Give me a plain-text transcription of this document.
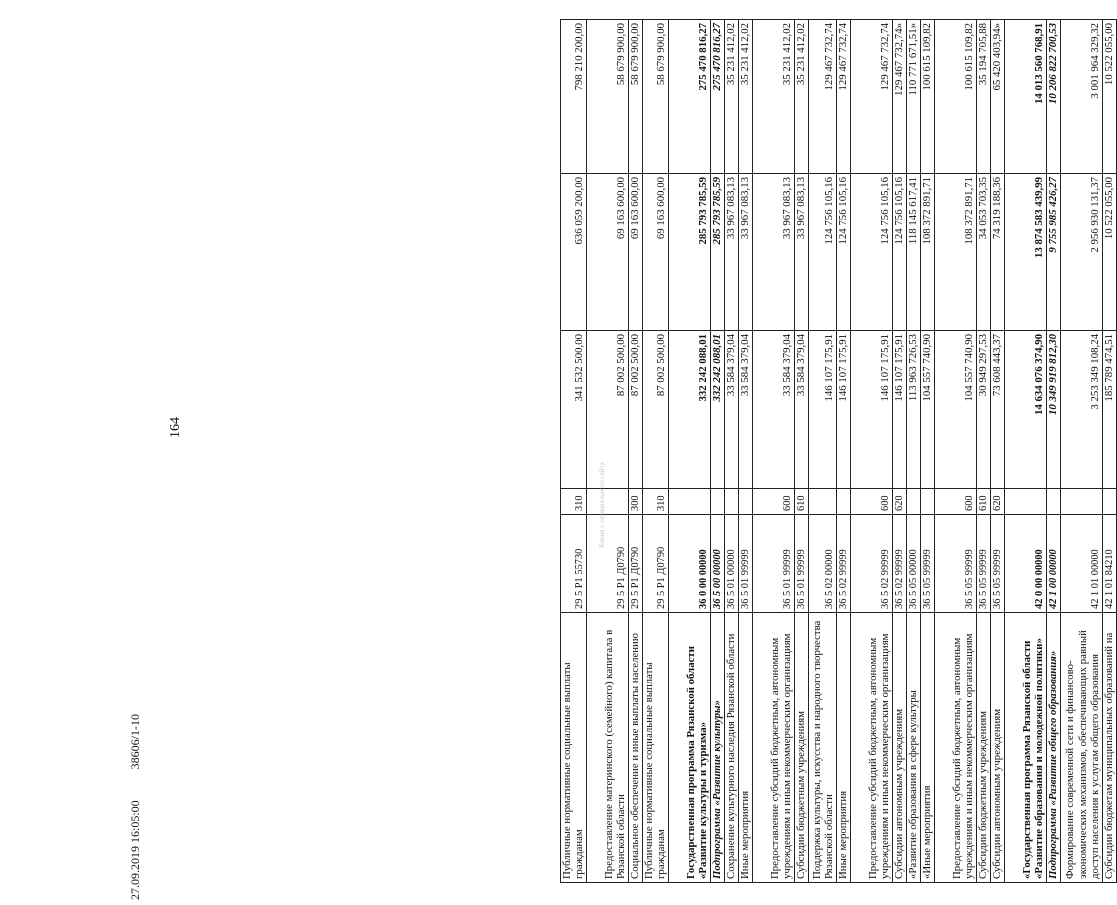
164
Публичные нормативные социальные выплаты гражданам	29 5 Р1 55730	310	341 532 500,00	636 059 200,00	798 210 200,00
Предоставление материнского (семейного) капитала в Рязанской области	29 5 Р1 Д0790		87 002 500,00	69 163 600,00	58 679 900,00
Социальное обеспечение и иные выплаты населению	29 5 Р1 Д0790	300	87 002 500,00	69 163 600,00	58 679 900,00
Публичные нормативные социальные выплаты гражданам	29 5 Р1 Д0790	310	87 002 500,00	69 163 600,00	58 679 900,00
Государственная программа Рязанской области «Развитие культуры и туризма»	36 0 00 00000		332 242 088,01	285 793 785,59	275 470 816,27
Подпрограмма «Развитие культуры»	36 5 00 00000		332 242 088,01	285 793 785,59	275 470 816,27
Сохранение культурного наследия Рязанской области	36 5 01 00000		33 584 379,04	33 967 083,13	35 231 412,02
Иные мероприятия	36 5 01 99999		33 584 379,04	33 967 083,13	35 231 412,02
Предоставление субсидий бюджетным, автономным учреждениям и иным некоммерческим организациям	36 5 01 99999	600	33 584 379,04	33 967 083,13	35 231 412,02
Субсидии бюджетным учреждениям	36 5 01 99999	610	33 584 379,04	33 967 083,13	35 231 412,02
Поддержка культуры, искусства и народного творчества Рязанской области	36 5 02 00000		146 107 175,91	124 756 105,16	129 467 732,74
Иные мероприятия	36 5 02 99999		146 107 175,91	124 756 105,16	129 467 732,74
Предоставление субсидий бюджетным, автономным учреждениям и иным некоммерческим организациям	36 5 02 99999	600	146 107 175,91	124 756 105,16	129 467 732,74
Субсидии автономным учреждениям	36 5 02 99999	620	146 107 175,91	124 756 105,16	129 467 732,74»
«Развитие образования в сфере культуры	36 5 05 00000		113 963 726,53	118 145 617,41	110 771 671,51»
«Иные мероприятия	36 5 05 99999		104 557 740,90	108 372 891,71	100 615 109,82
Предоставление субсидий бюджетным, автономным учреждениям и иным некоммерческим организациям	36 5 05 99999	600	104 557 740,90	108 372 891,71	100 615 109,82
Субсидии бюджетным учреждениям	36 5 05 99999	610	30 949 297,53	34 053 703,35	35 194 705,88
Субсидии автономным учреждениям	36 5 05 99999	620	73 608 443,37	74 319 188,36	65 420 403,94»
«Государственная программа Рязанской области «Развитие образования и молодежной политики»	42 0 00 00000		14 634 076 374,90	13 874 583 439,99	14 013 560 768,91
Подпрограмма «Развитие общего образования»	42 1 00 00000		10 349 919 812,30	9 755 985 426,27	10 206 822 700,53
Формирование современной сети и финансово-экономических механизмов, обеспечивающих равный доступ населения к услугам общего образования	42 1 01 00000		3 253 349 108,24	2 956 930 131,37	3 001 964 329,32
Субсидии бюджетам муниципальных образований на	42 1 01 84210		185 789 474,51	10 522 055,00	10 522 055,00
27.09.2019 16:05:00 38606/1-10
Копия с официального сайта
